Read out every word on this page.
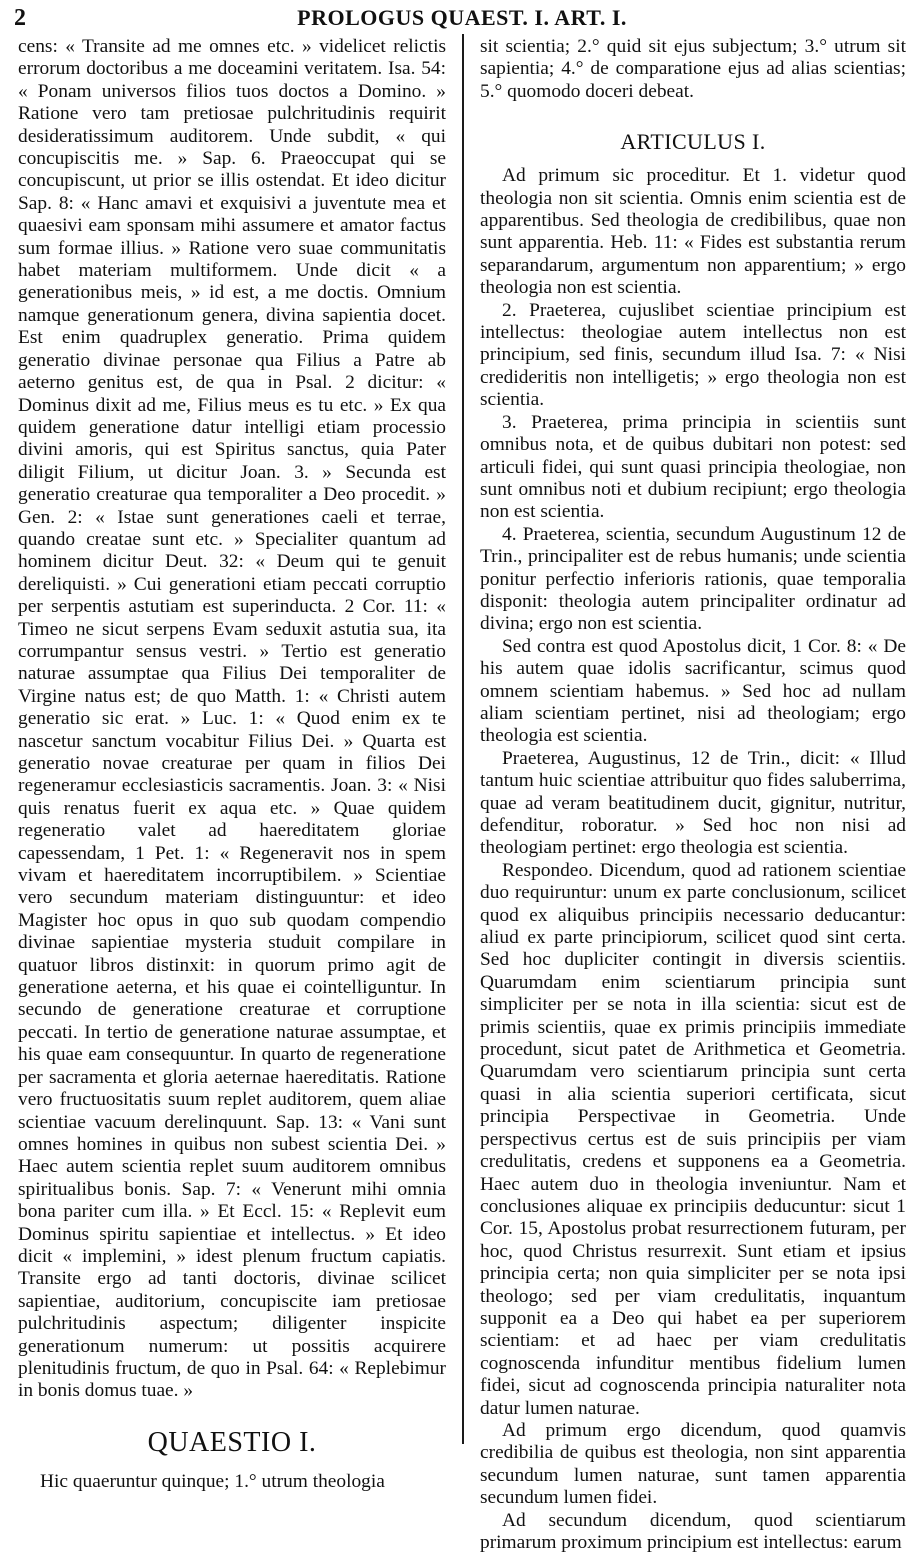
2	PROLOGUS QUAEST. I. ART. I.

cens: « Transite ad me omnes etc. » videlicet relictis errorum doctoribus a me doceamini veritatem. Isa. 54: « Ponam universos filios tuos doctos a Domino. » Ratione vero tam pretiosae pulchritudinis requirit desideratissimum auditorem. Unde subdit, « qui concupiscitis me. » Sap. 6. Praeoccupat qui se concupiscunt, ut prior se illis ostendat. Et ideo dicitur Sap. 8: « Hanc amavi et exquisivi a juventute mea et quaesivi eam sponsam mihi assumere et amator factus sum formae illius. » Ratione vero suae communitatis habet materiam multiformem. Unde dicit « a generationibus meis, » id est, a me doctis. Omnium namque generationum genera, divina sapientia docet. Est enim quadruplex generatio. Prima quidem generatio divinae personae qua Filius a Patre ab aeterno genitus est, de qua in Psal. 2 dicitur: « Dominus dixit ad me, Filius meus es tu etc. » Ex qua quidem generatione datur intelligi etiam processio divini amoris, qui est Spiritus sanctus, quia Pater diligit Filium, ut dicitur Joan. 3. » Secunda est generatio creaturae qua temporaliter a Deo procedit. » Gen. 2: « Istae sunt generationes caeli et terrae, quando creatae sunt etc. » Specialiter quantum ad hominem dicitur Deut. 32: « Deum qui te genuit dereliquisti. » Cui generationi etiam peccati corruptio per serpentis astutiam est superinducta. 2 Cor. 11: « Timeo ne sicut serpens Evam seduxit astutia sua, ita corrumpantur sensus vestri. » Tertio est generatio naturae assumptae qua Filius Dei temporaliter de Virgine natus est; de quo Matth. 1: « Christi autem generatio sic erat. » Luc. 1: « Quod enim ex te nascetur sanctum vocabitur Filius Dei. » Quarta est generatio novae creaturae per quam in filios Dei regeneramur ecclesiasticis sacramentis. Joan. 3: « Nisi quis renatus fuerit ex aqua etc. » Quae quidem regeneratio valet ad haereditatem gloriae capessendam, 1 Pet. 1: « Regeneravit nos in spem vivam et haereditatem incorruptibilem. » Scientiae vero secundum materiam distinguuntur: et ideo Magister hoc opus in quo sub quodam compendio divinae sapientiae mysteria studuit compilare in quatuor libros distinxit: in quorum primo agit de generatione aeterna, et his quae ei cointelliguntur. In secundo de generatione creaturae et corruptione peccati. In tertio de generatione naturae assumptae, et his quae eam consequuntur. In quarto de regeneratione per sacramenta et gloria aeternae haereditatis. Ratione vero fructuositatis suum replet auditorem, quem aliae scientiae vacuum derelinquunt. Sap. 13: « Vani sunt omnes homines in quibus non subest scientia Dei. » Haec autem scientia replet suum auditorem omnibus spiritualibus bonis. Sap. 7: « Venerunt mihi omnia bona pariter cum illa. » Et Eccl. 15: « Replevit eum Dominus spiritu sapientiae et intellectus. » Et ideo dicit « implemini, » idest plenum fructum capiatis. Transite ergo ad tanti doctoris, divinae scilicet sapientiae, auditorium, concupiscite iam pretiosae pulchritudinis aspectum; diligenter inspicite generationum numerum: ut possitis acquirere plenitudinis fructum, de quo in Psal. 64: « Replebimur in bonis domus tuae. »

QUAESTIO I.

Hic quaeruntur quinque; 1.° utrum theologia

sit scientia; 2.° quid sit ejus subjectum; 3.° utrum sit sapientia; 4.° de comparatione ejus ad alias scientias; 5.° quomodo doceri debeat.

ARTICULUS I.

Ad primum sic proceditur. Et 1. videtur quod theologia non sit scientia. Omnis enim scientia est de apparentibus. Sed theologia de credibilibus, quae non sunt apparentia. Heb. 11: « Fides est substantia rerum separandarum, argumentum non apparentium; » ergo theologia non est scientia.

2. Praeterea, cujuslibet scientiae principium est intellectus: theologiae autem intellectus non est principium, sed finis, secundum illud Isa. 7: « Nisi credideritis non intelligetis; » ergo theologia non est scientia.

3. Praeterea, prima principia in scientiis sunt omnibus nota, et de quibus dubitari non potest: sed articuli fidei, qui sunt quasi principia theologiae, non sunt omnibus noti et dubium recipiunt; ergo theologia non est scientia.

4. Praeterea, scientia, secundum Augustinum 12 de Trin., principaliter est de rebus humanis; unde scientia ponitur perfectio inferioris rationis, quae temporalia disponit: theologia autem principaliter ordinatur ad divina; ergo non est scientia.

Sed contra est quod Apostolus dicit, 1 Cor. 8: « De his autem quae idolis sacrificantur, scimus quod omnem scientiam habemus. » Sed hoc ad nullam aliam scientiam pertinet, nisi ad theologiam; ergo theologia est scientia.

Praeterea, Augustinus, 12 de Trin., dicit: « Illud tantum huic scientiae attribuitur quo fides saluberrima, quae ad veram beatitudinem ducit, gignitur, nutritur, defenditur, roboratur. » Sed hoc non nisi ad theologiam pertinet: ergo theologia est scientia.

Respondeo. Dicendum, quod ad rationem scientiae duo requiruntur: unum ex parte conclusionum, scilicet quod ex aliquibus principiis necessario deducantur: aliud ex parte principiorum, scilicet quod sint certa. Sed hoc dupliciter contingit in diversis scientiis. Quarumdam enim scientiarum principia sunt simpliciter per se nota in illa scientia: sicut est de primis scientiis, quae ex primis principiis immediate procedunt, sicut patet de Arithmetica et Geometria. Quarumdam vero scientiarum principia sunt certa quasi in alia scientia superiori certificata, sicut principia Perspectivae in Geometria. Unde perspectivus certus est de suis principiis per viam credulitatis, credens et supponens ea a Geometria. Haec autem duo in theologia inveniuntur. Nam et conclusiones aliquae ex principiis deducuntur: sicut 1 Cor. 15, Apostolus probat resurrectionem futuram, per hoc, quod Christus resurrexit. Sunt etiam et ipsius principia certa; non quia simpliciter per se nota ipsi theologo; sed per viam credulitatis, inquantum supponit ea a Deo qui habet ea per superiorem scientiam: et ad haec per viam credulitatis cognoscenda infunditur mentibus fidelium lumen fidei, sicut ad cognoscenda principia naturaliter nota datur lumen naturae.

Ad primum ergo dicendum, quod quamvis credibilia de quibus est theologia, non sint apparentia secundum lumen naturae, sunt tamen apparentia secundum lumen fidei.

Ad secundum dicendum, quod scientiarum primarum proximum principium est intellectus: earum
